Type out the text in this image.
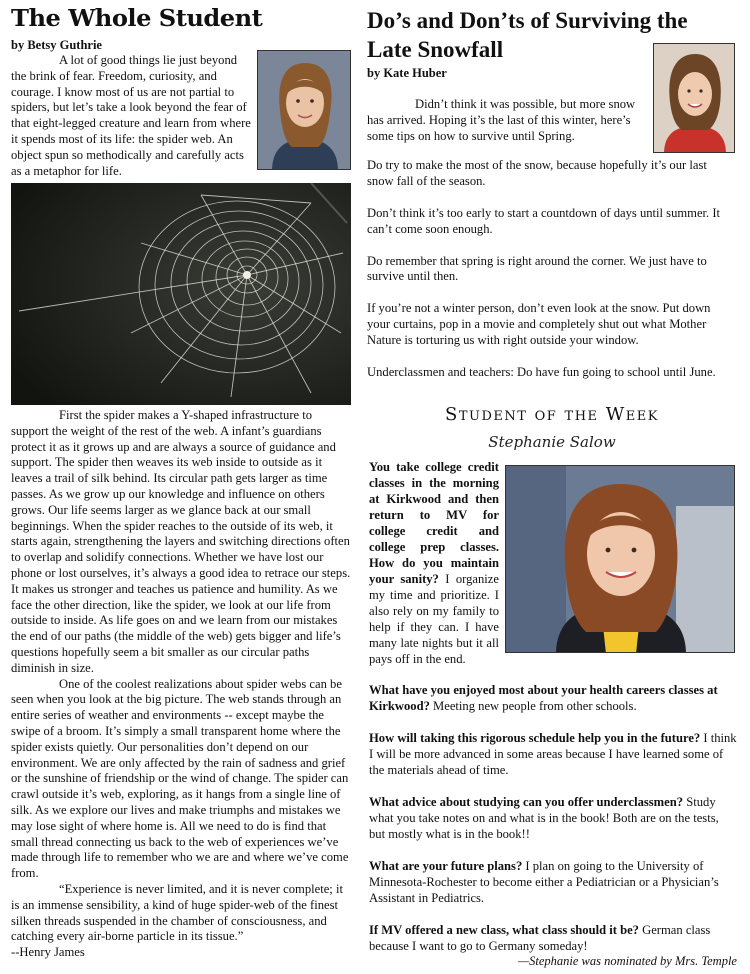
The Whole Student
by Betsy Guthrie

A lot of good things lie just beyond the brink of fear. Freedom, curiosity, and courage. I know most of us are not partial to spiders, but let’s take a look beyond the fear of that eight-legged creature and learn from where it spends most of its life: the spider web. An object spun so methodically and carefully acts as a metaphor for life.

First the spider makes a Y-shaped infrastructure to support the weight of the rest of the web. A infant’s guardians protect it as it grows up and are always a source of guidance and support. The spider then weaves its web inside to outside as it leaves a trail of silk behind. Its circular path gets larger as time passes. As we grow up our knowledge and influence on others grows. Our life seems larger as we glance back at our small beginnings. When the spider reaches to the outside of its web, it starts again, strengthening the layers and switching directions often to overlap and solidify connections. Whether we have lost our phone or lost ourselves, it’s always a good idea to retrace our steps. It makes us stronger and teaches us patience and humility. As we face the other direction, like the spider, we look at our life from outside to inside. As life goes on and we learn from our mistakes the end of our paths (the middle of the web) gets bigger and life’s questions hopefully seem a bit smaller as our circular paths diminish in size.

One of the coolest realizations about spider webs can be seen when you look at the big picture. The web stands through an entire series of weather and environments -- except maybe the swipe of a broom. It’s simply a small transparent home where the spider exists quietly. Our personalities don’t depend on our environment. We are only affected by the rain of sadness and grief or the sunshine of friendship or the wind of change. The spider can crawl outside it’s web, exploring, as it hangs from a single line of silk. As we explore our lives and make triumphs and mistakes we may lose sight of where home is. All we need to do is find that small thread connecting us back to the web of experiences we’ve made through life to remember who we are and where we’ve come from.

“Experience is never limited, and it is never complete; it is an immense sensibility, a kind of huge spider-web of the finest silken threads suspended in the chamber of consciousness, and catching every air-borne particle in its tissue.”

--Henry James

Do’s and Don’ts of Surviving the Late Snowfall
by Kate Huber

Didn’t think it was possible, but more snow has arrived. Hoping it’s the last of this winter, here’s some tips on how to survive until Spring.

Do try to make the most of the snow, because hopefully it’s our last snow fall of the season.

Don’t think it’s too early to start a countdown of days until summer. It can’t come soon enough.

Do remember that spring is right around the corner. We just have to survive until then.

If you’re not a winter person, don’t even look at the snow. Put down your curtains, pop in a movie and completely shut out what Mother Nature is torturing us with right outside your window.

Underclassmen and teachers: Do have fun going to school until June.

Student of the Week
Stephanie Salow

You take college credit classes in the morning at Kirkwood and then return to MV for college credit and college prep classes. How do you maintain your sanity? I organize my time and prioritize. I also rely on my family to help if they can. I have many late nights but it all pays off in the end.

What have you enjoyed most about your health careers classes at Kirkwood? Meeting new people from other schools.

How will taking this rigorous schedule help you in the future? I think I will be more advanced in some areas because I have learned some of the materials ahead of time.

What advice about studying can you offer underclassmen? Study what you take notes on and what is in the book! Both are on the tests, but mostly what is in the book!!

What are your future plans? I plan on going to the University of Minnesota-Rochester to become either a Pediatrician or a Physician’s Assistant in Pediatrics.

If MV offered a new class, what class should it be? German class because I want to go to Germany someday!

—Stephanie was nominated by Mrs. Temple
